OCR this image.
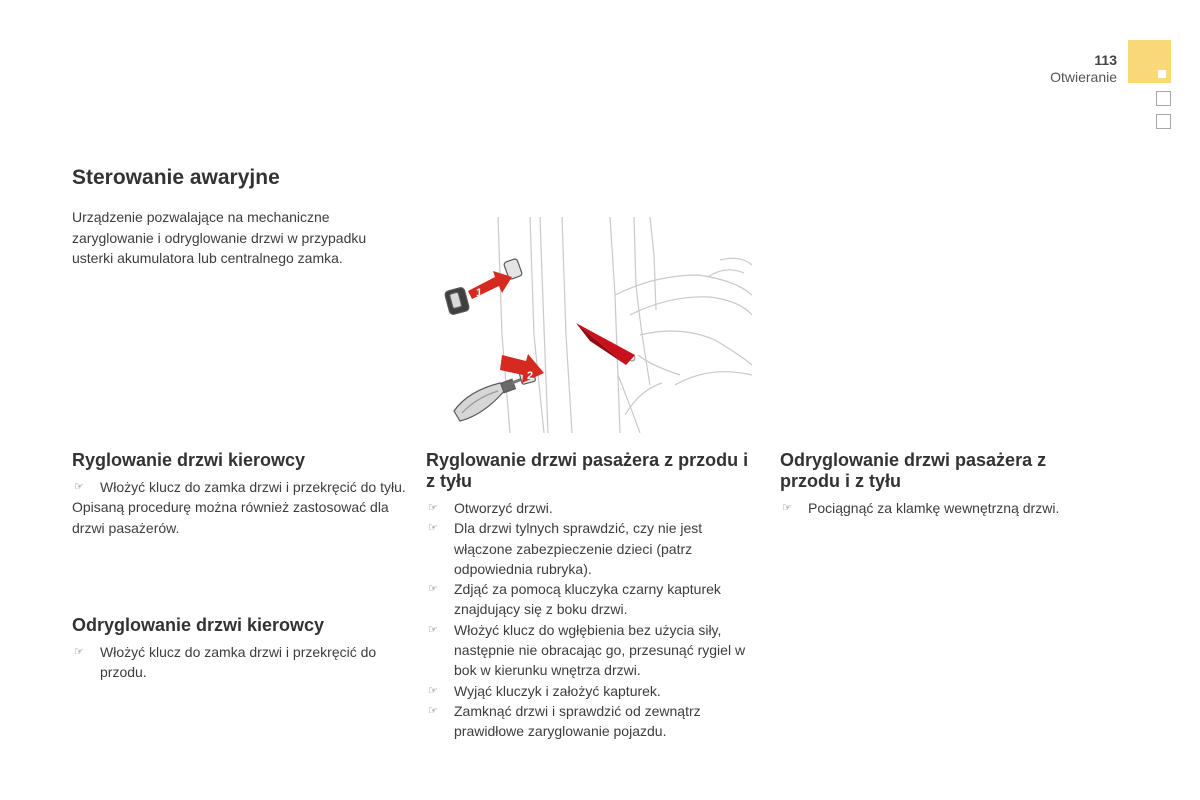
113
Otwieranie
Sterowanie awaryjne

Urządzenie pozwalające na mechaniczne zaryglowanie i odryglowanie drzwi w przypadku usterki akumulatora lub centralnego zamka.

1
2
Ryglowanie drzwi kierowcy
☞ Włożyć klucz do zamka drzwi i przekręcić do tyłu.

Opisaną procedurę można również zastosować dla drzwi pasażerów.

Odryglowanie drzwi kierowcy
☞ Włożyć klucz do zamka drzwi i przekręcić do przodu.
Ryglowanie drzwi pasażera z przodu i z tyłu
☞ Otworzyć drzwi.
☞ Dla drzwi tylnych sprawdzić, czy nie jest włączone zabezpieczenie dzieci (patrz odpowiednia rubryka).
☞ Zdjąć za pomocą kluczyka czarny kapturek znajdujący się z boku drzwi.
☞ Włożyć klucz do wgłębienia bez użycia siły, następnie nie obracając go, przesunąć rygiel w bok w kierunku wnętrza drzwi.
☞ Wyjąć kluczyk i założyć kapturek.
☞ Zamknąć drzwi i sprawdzić od zewnątrz prawidłowe zaryglowanie pojazdu.
Odryglowanie drzwi pasażera z przodu i z tyłu
☞ Pociągnąć za klamkę wewnętrzną drzwi.
